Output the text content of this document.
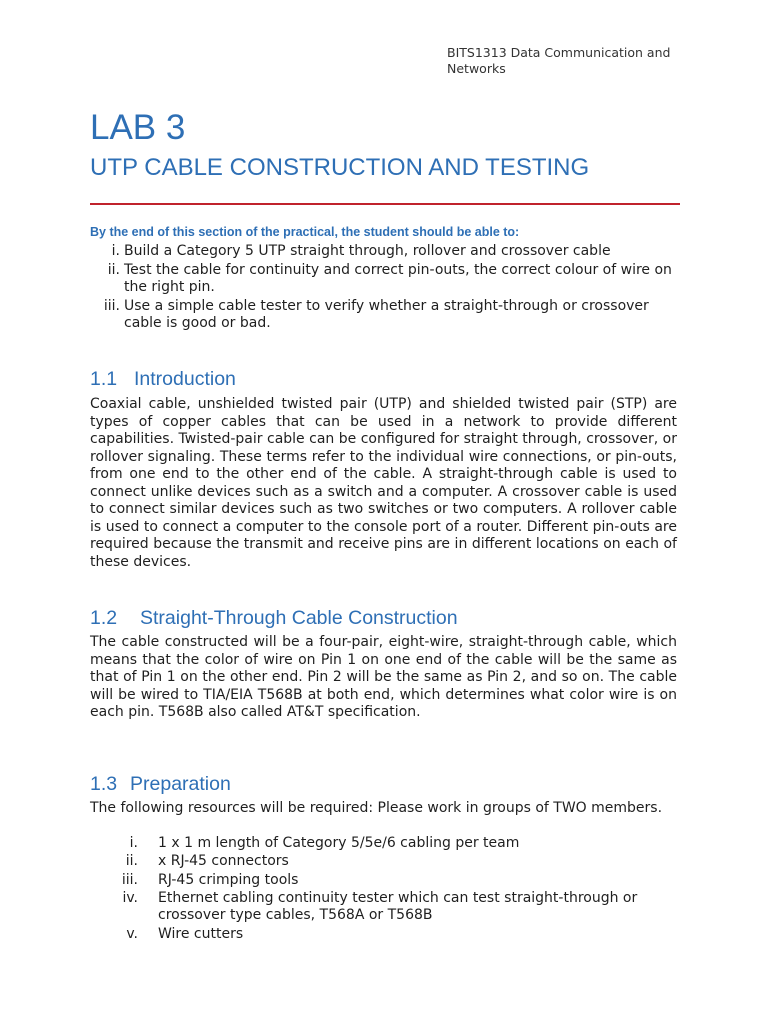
BITS1313 Data Communication and Networks
LAB 3
UTP CABLE CONSTRUCTION AND TESTING
By the end of this section of the practical, the student should be able to:
i. Build a Category 5 UTP straight through, rollover and crossover cable
ii. Test the cable for continuity and correct pin-outs, the correct colour of wire on the right pin.
iii. Use a simple cable tester to verify whether a straight-through or crossover cable is good or bad.
1.1 Introduction

Coaxial cable, unshielded twisted pair (UTP) and shielded twisted pair (STP) are types of copper cables that can be used in a network to provide different capabilities. Twisted-pair cable can be configured for straight through, crossover, or rollover signaling. These terms refer to the individual wire connections, or pin-outs, from one end to the other end of the cable. A straight-through cable is used to connect unlike devices such as a switch and a computer. A crossover cable is used to connect similar devices such as two switches or two computers. A rollover cable is used to connect a computer to the console port of a router. Different pin-outs are required because the transmit and receive pins are in different locations on each of these devices.

1.2 Straight-Through Cable Construction

The cable constructed will be a four-pair, eight-wire, straight-through cable, which means that the color of wire on Pin 1 on one end of the cable will be the same as that of Pin 1 on the other end. Pin 2 will be the same as Pin 2, and so on. The cable will be wired to TIA/EIA T568B at both end, which determines what color wire is on each pin. T568B also called AT&T specification.

1.3 Preparation

The following resources will be required: Please work in groups of TWO members.

i.	1 x 1 m length of Category 5/5e/6 cabling per team
ii.	x RJ-45 connectors
iii.	RJ-45 crimping tools
iv.	Ethernet cabling continuity tester which can test straight-through or crossover type cables, T568A or T568B
v.	Wire cutters
